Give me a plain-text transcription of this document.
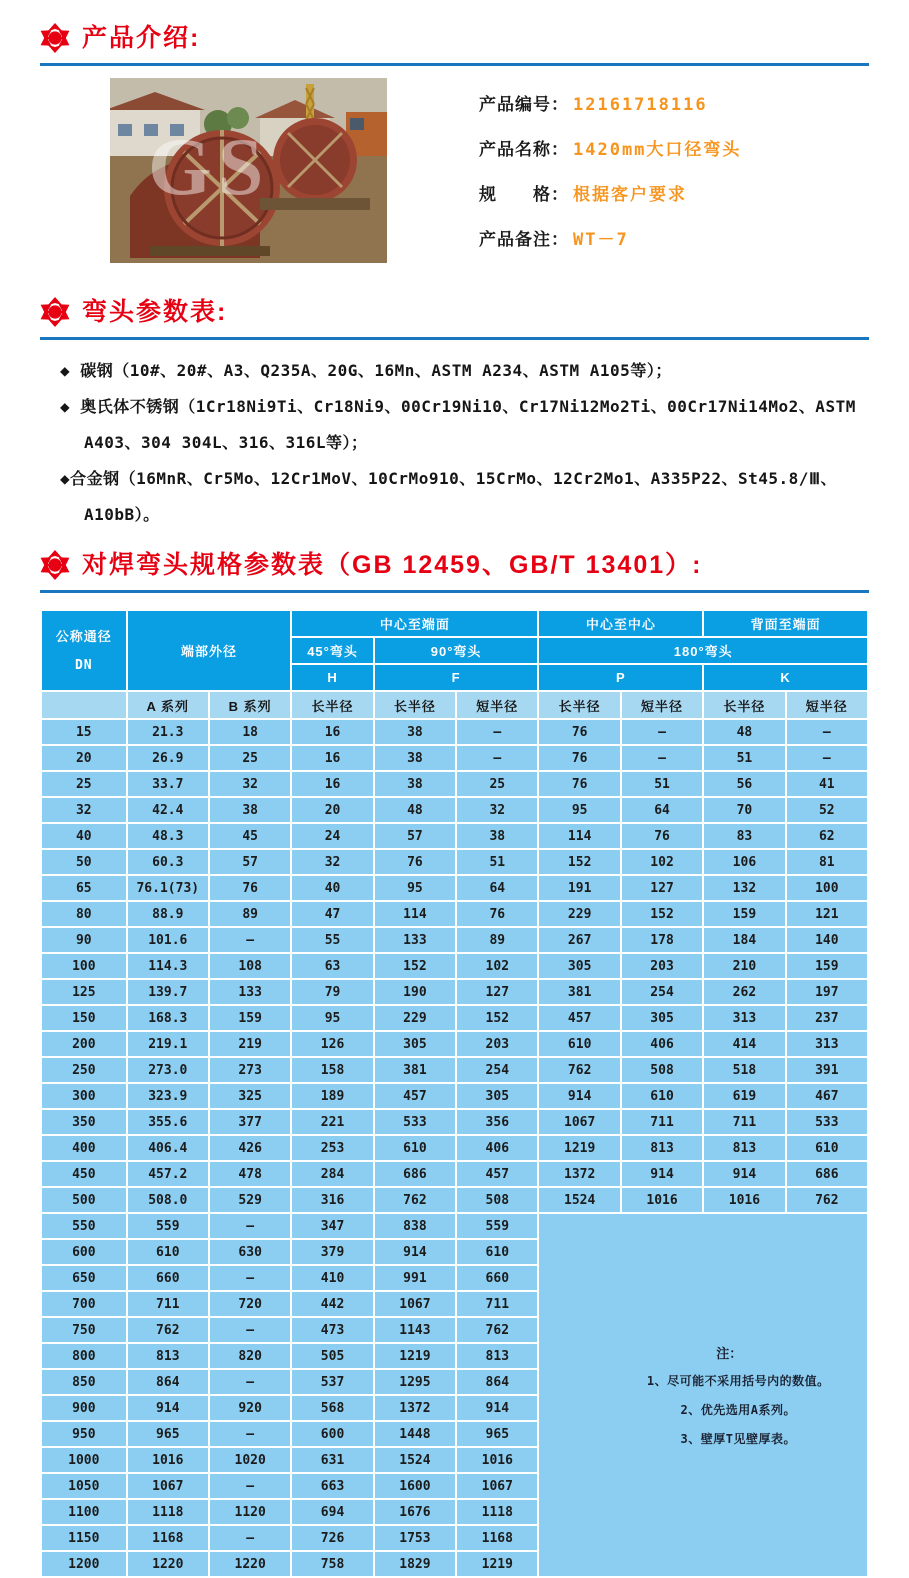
产品介绍:
GS
产品编号： 12161718116
产品名称： 1420mm大口径弯头
规　　格： 根据客户要求
产品备注： WT－7
弯头参数表:
◆ 碳钢（10#、20#、A3、Q235A、20G、16Mn、ASTM A234、ASTM A105等）；
◆ 奥氏体不锈钢（1Cr18Ni9Ti、Cr18Ni9、00Cr19Ni10、Cr17Ni12Mo2Ti、00Cr17Ni14Mo2、ASTM
A403、304 304L、316、316L等）；
◆合金钢（16MnR、Cr5Mo、12Cr1MoV、10CrMo910、15CrMo、12Cr2Mo1、A335P22、St45.8/Ⅲ、
A10bB）。
对焊弯头规格参数表（GB 12459、GB/T 13401）:
公称通径
DN	端部外径		中心至端面			中心至中心		背面至端面	
			45°弯头	90°弯头		180°弯头			
			H	F		P		K	
	A 系列	B 系列	长半径	长半径	短半径	长半径	短半径	长半径	短半径
15	21.3	18	16	38	—	76	—	48	—
20	26.9	25	16	38	—	76	—	51	—
25	33.7	32	16	38	25	76	51	56	41
32	42.4	38	20	48	32	95	64	70	52
40	48.3	45	24	57	38	114	76	83	62
50	60.3	57	32	76	51	152	102	106	81
65	76.1(73)	76	40	95	64	191	127	132	100
80	88.9	89	47	114	76	229	152	159	121
90	101.6	—	55	133	89	267	178	184	140
100	114.3	108	63	152	102	305	203	210	159
125	139.7	133	79	190	127	381	254	262	197
150	168.3	159	95	229	152	457	305	313	237
200	219.1	219	126	305	203	610	406	414	313
250	273.0	273	158	381	254	762	508	518	391
300	323.9	325	189	457	305	914	610	619	467
350	355.6	377	221	533	356	1067	711	711	533
400	406.4	426	253	610	406	1219	813	813	610
450	457.2	478	284	686	457	1372	914	914	686
500	508.0	529	316	762	508	1524	1016	1016	762
550	559	—	347	838	559	注：
1、尽可能不采用括号内的数值。
2、优先选用A系列。
3、壁厚T见壁厚表。			

600	610	630	379	914	610				
650	660	—	410	991	660				
700	711	720	442	1067	711				
750	762	—	473	1143	762				
800	813	820	505	1219	813				
850	864	—	537	1295	864				
900	914	920	568	1372	914				
950	965	—	600	1448	965				
1000	1016	1020	631	1524	1016				
1050	1067	—	663	1600	1067				
1100	1118	1120	694	1676	1118				
1150	1168	—	726	1753	1168				
1200	1220	1220	758	1829	1219				
